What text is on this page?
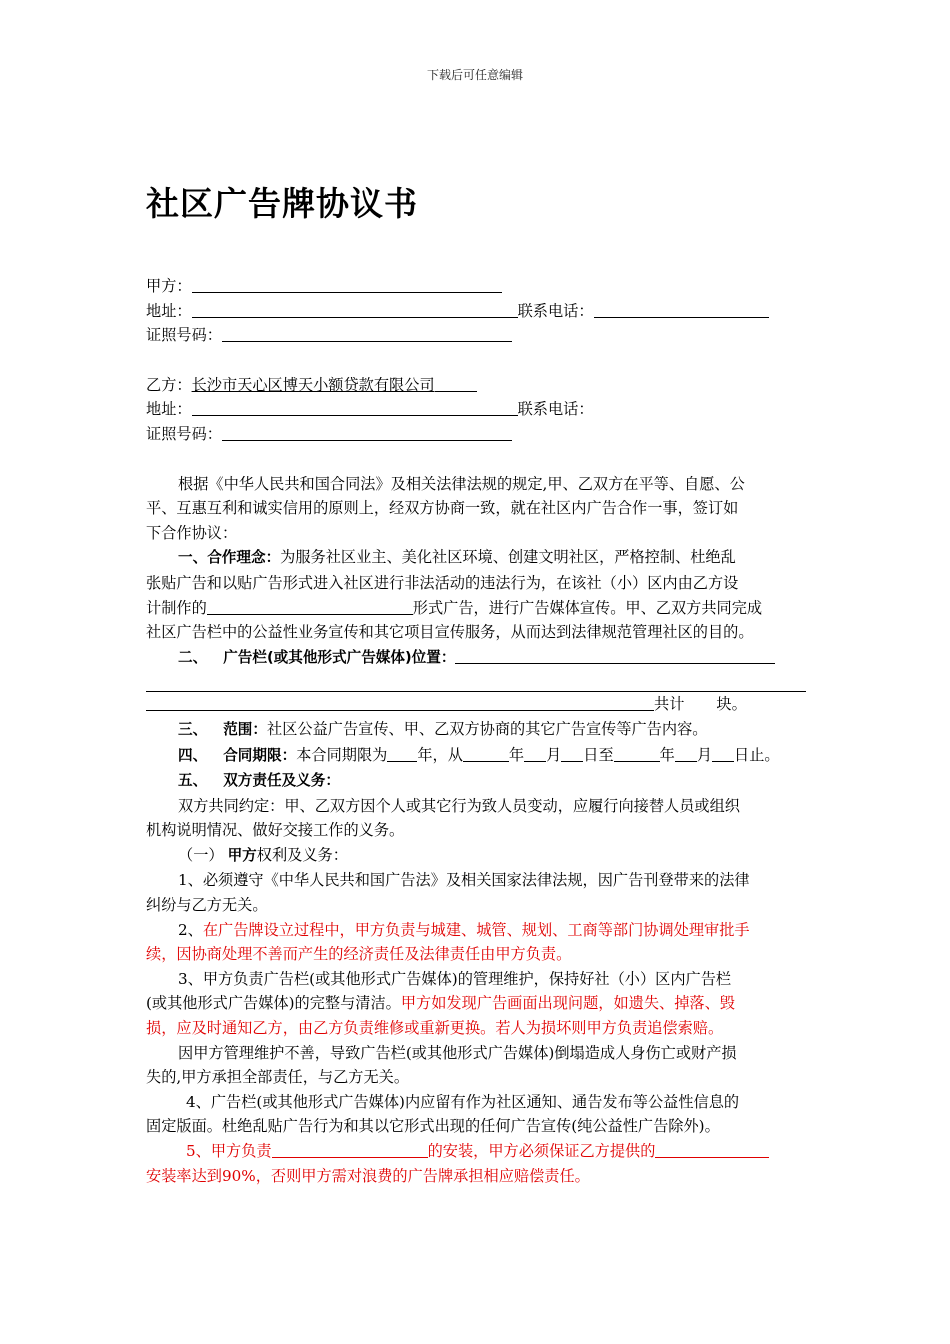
下载后可任意编辑
社区广告牌协议书
甲方：
地址：	联系电话：
证照号码：
乙方：长沙市天心区博天小额贷款有限公司
地址：	联系电话：
证照号码：
根据《中华人民共和国合同法》及相关法律法规的规定,甲、乙双方在平等、自愿、公
平、互惠互利和诚实信用的原则上，经双方协商一致，就在社区内广告合作一事，签订如
下合作协议：
一、合作理念：为服务社区业主、美化社区环境、创建文明社区，严格控制、杜绝乱
张贴广告和以贴广告形式进入社区进行非法活动的违法行为，在该社（小）区内由乙方设
计制作的	形式广告，进行广告媒体宣传。甲、乙双方共同完成
社区广告栏中的公益性业务宣传和其它项目宣传服务，从而达到法律规范管理社区的目的。
二、 广告栏(或其他形式广告媒体)位置：
共计 块。
三、 范围：社区公益广告宣传、甲、乙双方协商的其它广告宣传等广告内容。
四、 合同期限：本合同期限为 年，从	年 月 日至	年 月 日止。
五、 双方责任及义务：
双方共同约定：甲、乙双方因个人或其它行为致人员变动，应履行向接替人员或组织
机构说明情况、做好交接工作的义务。
（一） 甲方权利及义务：
1、必须遵守《中华人民共和国广告法》及相关国家法律法规，因广告刊登带来的法律
纠纷与乙方无关。
2、在广告牌设立过程中，甲方负责与城建、城管、规划、工商等部门协调处理审批手
续，因协商处理不善而产生的经济责任及法律责任由甲方负责。
3、甲方负责广告栏(或其他形式广告媒体)的管理维护，保持好社（小）区内广告栏
(或其他形式广告媒体)的完整与清洁。甲方如发现广告画面出现问题，如遗失、掉落、毁
损，应及时通知乙方，由乙方负责维修或重新更换。若人为损坏则甲方负责追偿索赔。
因甲方管理维护不善，导致广告栏(或其他形式广告媒体)倒塌造成人身伤亡或财产损
失的,甲方承担全部责任，与乙方无关。
4、广告栏(或其他形式广告媒体)内应留有作为社区通知、通告发布等公益性信息的
固定版面。杜绝乱贴广告行为和其以它形式出现的任何广告宣传(纯公益性广告除外)。
5、甲方负责	的安装，甲方必须保证乙方提供的
安装率达到90%，否则甲方需对浪费的广告牌承担相应赔偿责任。
